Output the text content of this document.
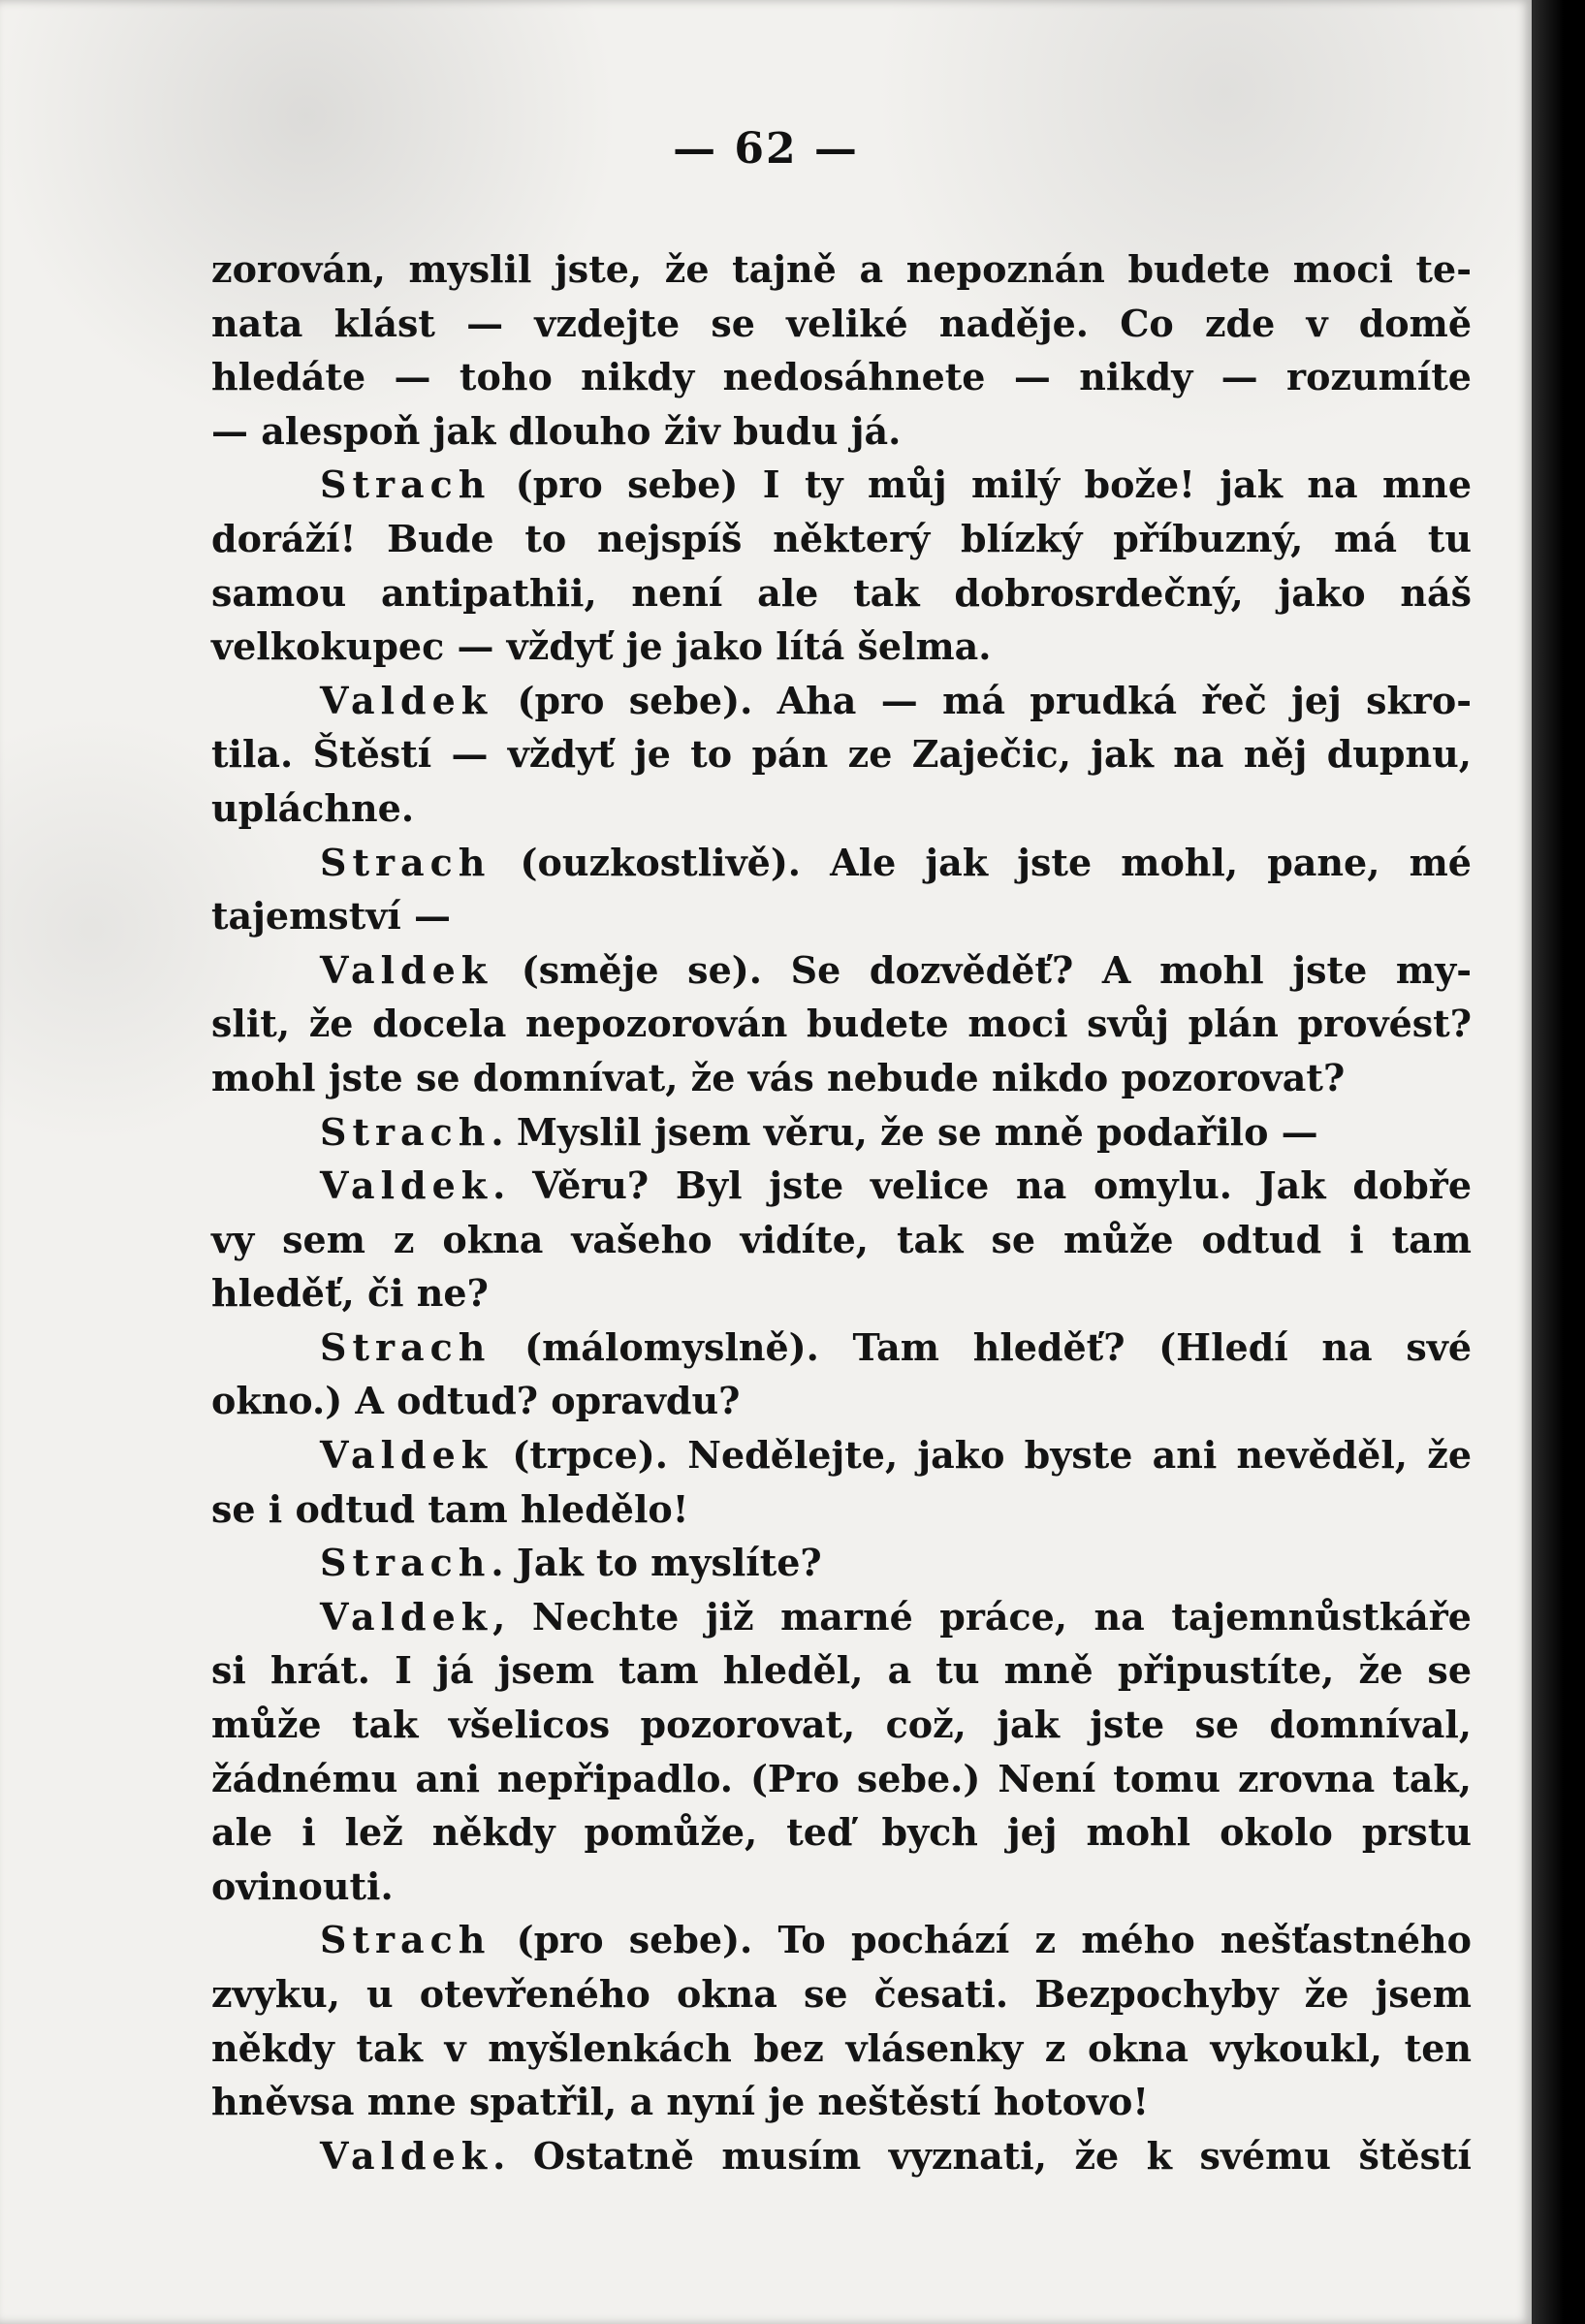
— 62 —
zorován, myslil jste, že tajně a nepoznán budete moci te-
nata klást — vzdejte se veliké naděje. Co zde v domě
hledáte — toho nikdy nedosáhnete — nikdy — rozumíte
— alespoň jak dlouho živ budu já.
Strach (pro sebe) I ty můj milý bože! jak na mne
doráží! Bude to nejspíš některý blízký příbuzný, má tu
samou antipathii, není ale tak dobrosrdečný, jako náš
velkokupec — vždyť je jako lítá šelma.
Valdek (pro sebe). Aha — má prudká řeč jej skro-
tila. Štěstí — vždyť je to pán ze Zaječic, jak na něj dupnu,
upláchne.
Strach (ouzkostlivě). Ale jak jste mohl, pane, mé
tajemství —
Valdek (směje se). Se dozvěděť? A mohl jste my-
slit, že docela nepozorován budete moci svůj plán provést?
mohl jste se domnívat, že vás nebude nikdo pozorovat?
Strach. Myslil jsem věru, že se mně podařilo —
Valdek. Věru? Byl jste velice na omylu. Jak dobře
vy sem z okna vašeho vidíte, tak se může odtud i tam
hleděť, či ne?
Strach (málomyslně). Tam hleděť? (Hledí na své
okno.) A odtud? opravdu?
Valdek (trpce). Nedělejte, jako byste ani nevěděl, že
se i odtud tam hledělo!
Strach. Jak to myslíte?
Valdek, Nechte již marné práce, na tajemnůstkáře
si hrát. I já jsem tam hleděl, a tu mně připustíte, že se
může tak všelicos pozorovat, což, jak jste se domníval,
žádnému ani nepřipadlo. (Pro sebe.) Není tomu zrovna tak,
ale i lež někdy pomůže, teď bych jej mohl okolo prstu
ovinouti.
Strach (pro sebe). To pochází z mého nešťastného
zvyku, u otevřeného okna se česati. Bezpochyby že jsem
někdy tak v myšlenkách bez vlásenky z okna vykoukl, ten
hněvsa mne spatřil, a nyní je neštěstí hotovo!
Valdek. Ostatně musím vyznati, že k svému štěstí
